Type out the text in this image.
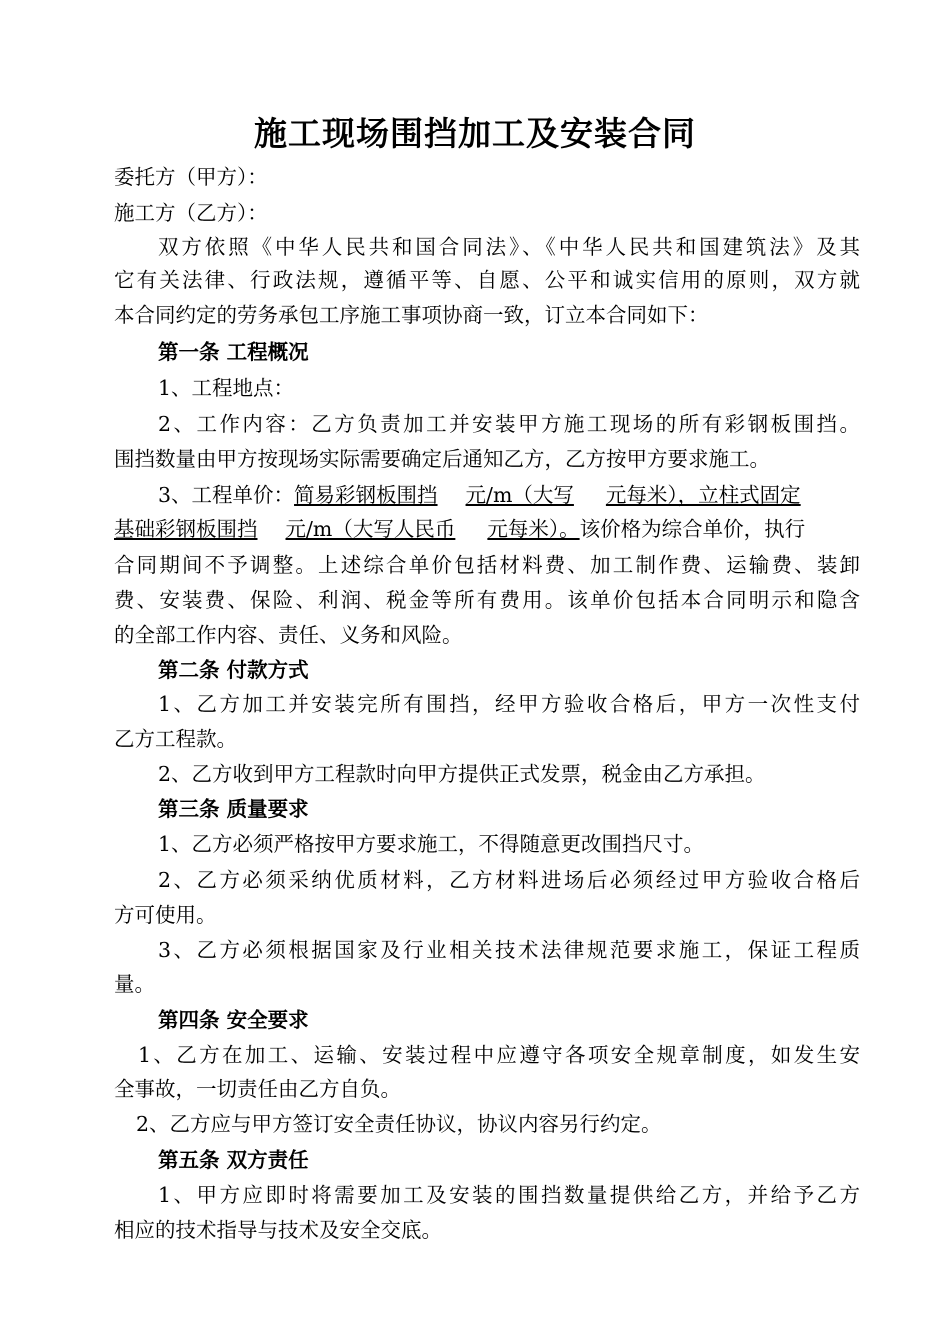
施工现场围挡加工及安装合同
委托方（甲方）：
施工方（乙方）：
双方依照《中华人民共和国合同法》、《中华人民共和国建筑法》及其
它有关法律、行政法规，遵循平等、自愿、公平和诚实信用的原则，双方就
本合同约定的劳务承包工序施工事项协商一致，订立本合同如下：
第一条 工程概况
1、工程地点：
2、工作内容：乙方负责加工并安装甲方施工现场的所有彩钢板围挡。
围挡数量由甲方按现场实际需要确定后通知乙方，乙方按甲方要求施工。
3、工程单价：简易彩钢板围挡 元/m（大写 元每米），立柱式固定
基础彩钢板围挡 元/m（大写人民币 元每米）。该价格为综合单价，执行
合同期间不予调整。上述综合单价包括材料费、加工制作费、运输费、装卸
费、安装费、保险、利润、税金等所有费用。该单价包括本合同明示和隐含
的全部工作内容、责任、义务和风险。
第二条 付款方式
1、乙方加工并安装完所有围挡，经甲方验收合格后，甲方一次性支付
乙方工程款。
2、乙方收到甲方工程款时向甲方提供正式发票，税金由乙方承担。
第三条 质量要求
1、乙方必须严格按甲方要求施工，不得随意更改围挡尺寸。
2、乙方必须采纳优质材料，乙方材料进场后必须经过甲方验收合格后
方可使用。
3、乙方必须根据国家及行业相关技术法律规范要求施工，保证工程质
量。
第四条 安全要求
1、乙方在加工、运输、安装过程中应遵守各项安全规章制度，如发生安
全事故，一切责任由乙方自负。
2、乙方应与甲方签订安全责任协议，协议内容另行约定。
第五条 双方责任
1、甲方应即时将需要加工及安装的围挡数量提供给乙方，并给予乙方
相应的技术指导与技术及安全交底。
